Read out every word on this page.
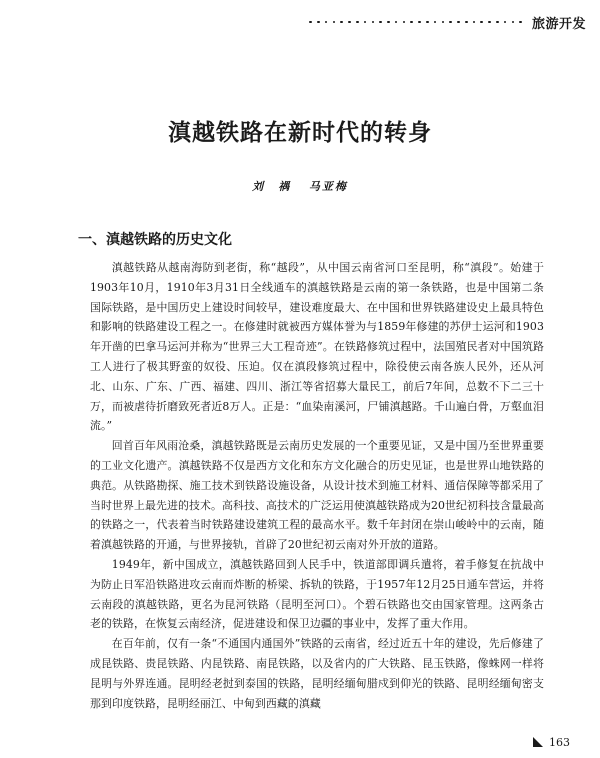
旅游开发
滇越铁路在新时代的转身
刘　禑 马亚梅
一、滇越铁路的历史文化

滇越铁路从越南海防到老街，称“越段”，从中国云南省河口至昆明，称“滇段”。始建于1903年10月，1910年3月31日全线通车的滇越铁路是云南的第一条铁路，也是中国第二条国际铁路，是中国历史上建设时间较早，建设难度最大、在中国和世界铁路建设史上最具特色和影响的铁路建设工程之一。在修建时就被西方媒体誉为与1859年修建的苏伊士运河和1903年开凿的巴拿马运河并称为“世界三大工程奇迹”。在铁路修筑过程中，法国殖民者对中国筑路工人进行了极其野蛮的奴役、压迫。仅在滇段修筑过程中，除役使云南各族人民外，还从河北、山东、广东、广西、福建、四川、浙江等省招募大量民工，前后7年间，总数不下二三十万，而被虐待折磨致死者近8万人。正是：“血染南溪河，尸铺滇越路。千山遍白骨，万壑血泪流。”

回首百年风雨沧桑，滇越铁路既是云南历史发展的一个重要见证，又是中国乃至世界重要的工业文化遗产。滇越铁路不仅是西方文化和东方文化融合的历史见证，也是世界山地铁路的典范。从铁路勘探、施工技术到铁路设施设备，从设计技术到施工材料、通信保障等都采用了当时世界上最先进的技术。高科技、高技术的广泛运用使滇越铁路成为20世纪初科技含量最高的铁路之一，代表着当时铁路建设建筑工程的最高水平。数千年封闭在崇山峻岭中的云南，随着滇越铁路的开通，与世界接轨，首辟了20世纪初云南对外开放的道路。

1949年，新中国成立，滇越铁路回到人民手中，铁道部即调兵遣将，着手修复在抗战中为防止日军沿铁路进攻云南而炸断的桥梁、拆轨的铁路，于1957年12月25日通车营运，并将云南段的滇越铁路，更名为昆河铁路（昆明至河口）。个碧石铁路也交由国家管理。这两条古老的铁路，在恢复云南经济，促进建设和保卫边疆的事业中，发挥了重大作用。

在百年前，仅有一条“不通国内通国外”铁路的云南省，经过近五十年的建设，先后修建了成昆铁路、贵昆铁路、内昆铁路、南昆铁路，以及省内的广大铁路、昆玉铁路，像蛛网一样将昆明与外界连通。昆明经老挝到泰国的铁路，昆明经缅甸腊戍到仰光的铁路、昆明经缅甸密支那到印度铁路，昆明经丽江、中甸到西藏的滇藏

163
